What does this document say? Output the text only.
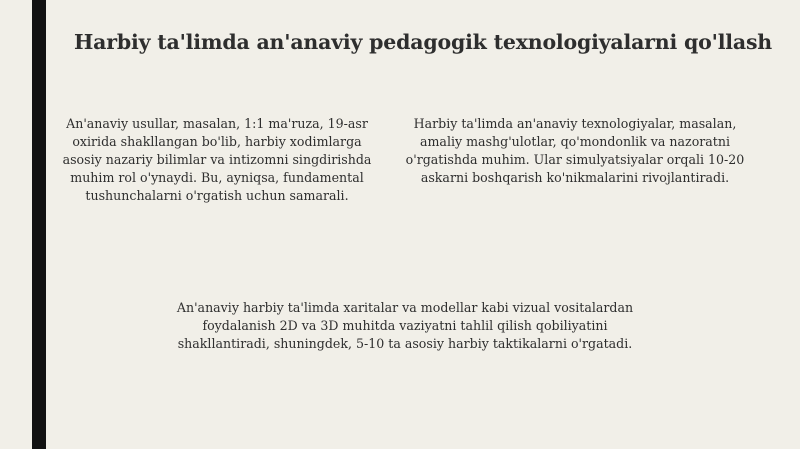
Harbiy ta'limda an'anaviy pedagogik texnologiyalarni qo'llash
An'anaviy usullar, masalan, 1:1 ma'ruza, 19-asr oxirida shakllangan bo'lib, harbiy xodimlarga asosiy nazariy bilimlar va intizomni singdirishda muhim rol o'ynaydi. Bu, ayniqsa, fundamental tushunchalarni o'rgatish uchun samarali.
Harbiy ta'limda an'anaviy texnologiyalar, masalan, amaliy mashg'ulotlar, qo'mondonlik va nazoratni o'rgatishda muhim. Ular simulyatsiyalar orqali 10-20 askarni boshqarish ko'nikmalarini rivojlantiradi.
An'anaviy harbiy ta'limda xaritalar va modellar kabi vizual vositalardan foydalanish 2D va 3D muhitda vaziyatni tahlil qilish qobiliyatini shakllantiradi, shuningdek, 5-10 ta asosiy harbiy taktikalarni o'rgatadi.
